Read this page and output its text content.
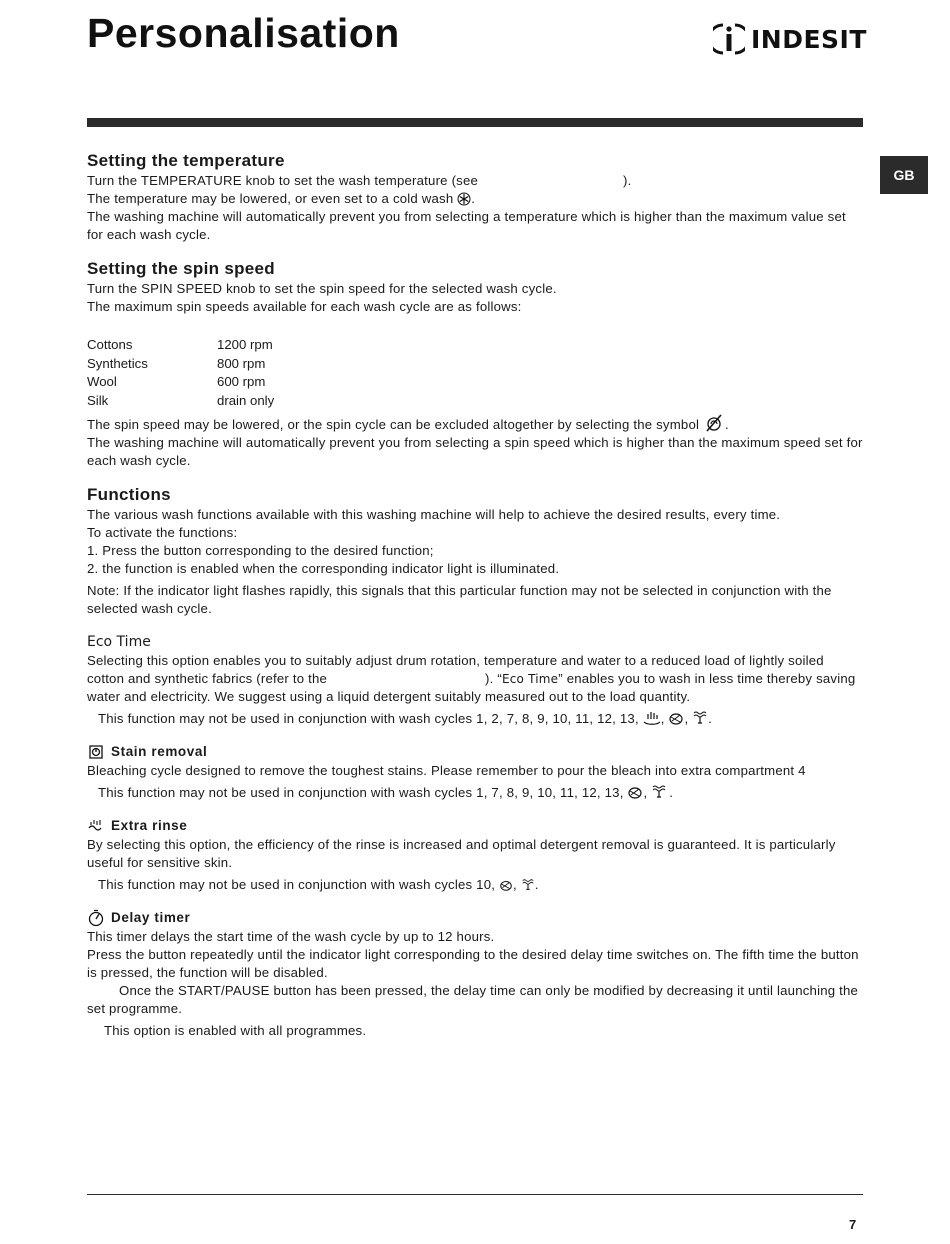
Personalisation	INDESIT
GB
Setting the temperature

Turn the TEMPERATURE knob to set the wash temperature (see	).

The temperature may be lowered, or even set to a cold wash .

The washing machine will automatically prevent you from selecting a temperature which is higher than the maximum value set for each wash cycle.

Setting the spin speed

Turn the SPIN SPEED knob to set the spin speed for the selected wash cycle.

The maximum spin speeds available for each wash cycle are as follows:

Cottons	1200 rpm
Synthetics	800 rpm
Wool	600 rpm
Silk	drain only

The spin speed may be lowered, or the spin cycle can be excluded altogether by selecting the symbol .

The washing machine will automatically prevent you from selecting a spin speed which is higher than the maximum speed set for each wash cycle.

Functions

The various wash functions available with this washing machine will help to achieve the desired results, every time.

To activate the functions:

1. Press the button corresponding to the desired function;

2. the function is enabled when the corresponding indicator light is illuminated.

Note: If the indicator light flashes rapidly, this signals that this particular function may not be selected in conjunction with the selected wash cycle.

Eco Time

Selecting this option enables you to suitably adjust drum rotation, temperature and water to a reduced load of lightly soiled cotton and synthetic fabrics (refer to the	). “Eco Time” enables you to wash in less time thereby saving water and electricity. We suggest using a liquid detergent suitably measured out to the load quantity.

This function may not be used in conjunction with wash cycles 1, 2, 7, 8, 9, 10, 11, 12, 13, , , .

Stain removal

Bleaching cycle designed to remove the toughest stains. Please remember to pour the bleach into extra compartment 4

This function may not be used in conjunction with wash cycles 1, 7, 8, 9, 10, 11, 12, 13, , .

Extra rinse

By selecting this option, the efficiency of the rinse is increased and optimal detergent removal is guaranteed. It is particularly useful for sensitive skin.

This function may not be used in conjunction with wash cycles 10, , .

Delay timer

This timer delays the start time of the wash cycle by up to 12 hours.

Press the button repeatedly until the indicator light corresponding to the desired delay time switches on. The fifth time the button is pressed, the function will be disabled.

Once the START/PAUSE button has been pressed, the delay time can only be modified by decreasing it until launching the set programme.

This option is enabled with all programmes.

7
